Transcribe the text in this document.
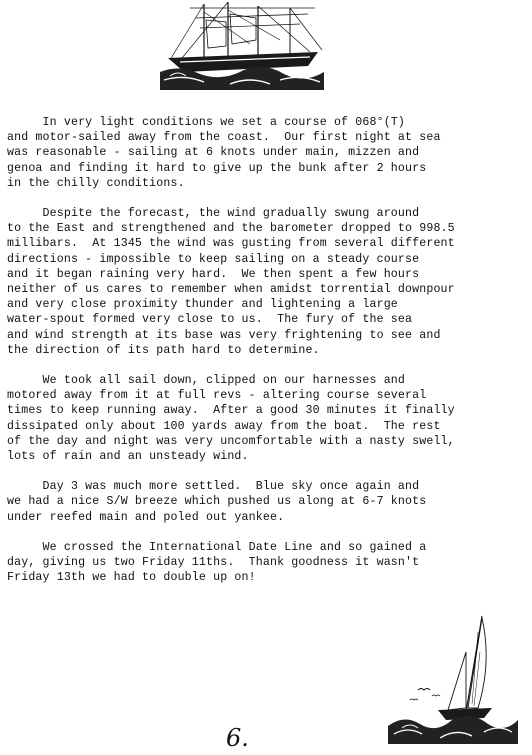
In very light conditions we set a course of 068°(T)
and motor-sailed away from the coast.  Our first night at sea
was reasonable - sailing at 6 knots under main, mizzen and
genoa and finding it hard to give up the bunk after 2 hours
in the chilly conditions.

Despite the forecast, the wind gradually swung around
to the East and strengthened and the barometer dropped to 998.5
millibars.  At 1345 the wind was gusting from several different
directions - impossible to keep sailing on a steady course
and it began raining very hard.  We then spent a few hours
neither of us cares to remember when amidst torrential downpour
and very close proximity thunder and lightening a large
water-spout formed very close to us.  The fury of the sea
and wind strength at its base was very frightening to see and
the direction of its path hard to determine.

We took all sail down, clipped on our harnesses and
motored away from it at full revs - altering course several
times to keep running away.  After a good 30 minutes it finally
dissipated only about 100 yards away from the boat.  The rest
of the day and night was very uncomfortable with a nasty swell,
lots of rain and an unsteady wind.

Day 3 was much more settled.  Blue sky once again and
we had a nice S/W breeze which pushed us along at 6-7 knots
under reefed main and poled out yankee.

We crossed the International Date Line and so gained a
day, giving us two Friday 11ths.  Thank goodness it wasn't
Friday 13th we had to double up on!

6.
